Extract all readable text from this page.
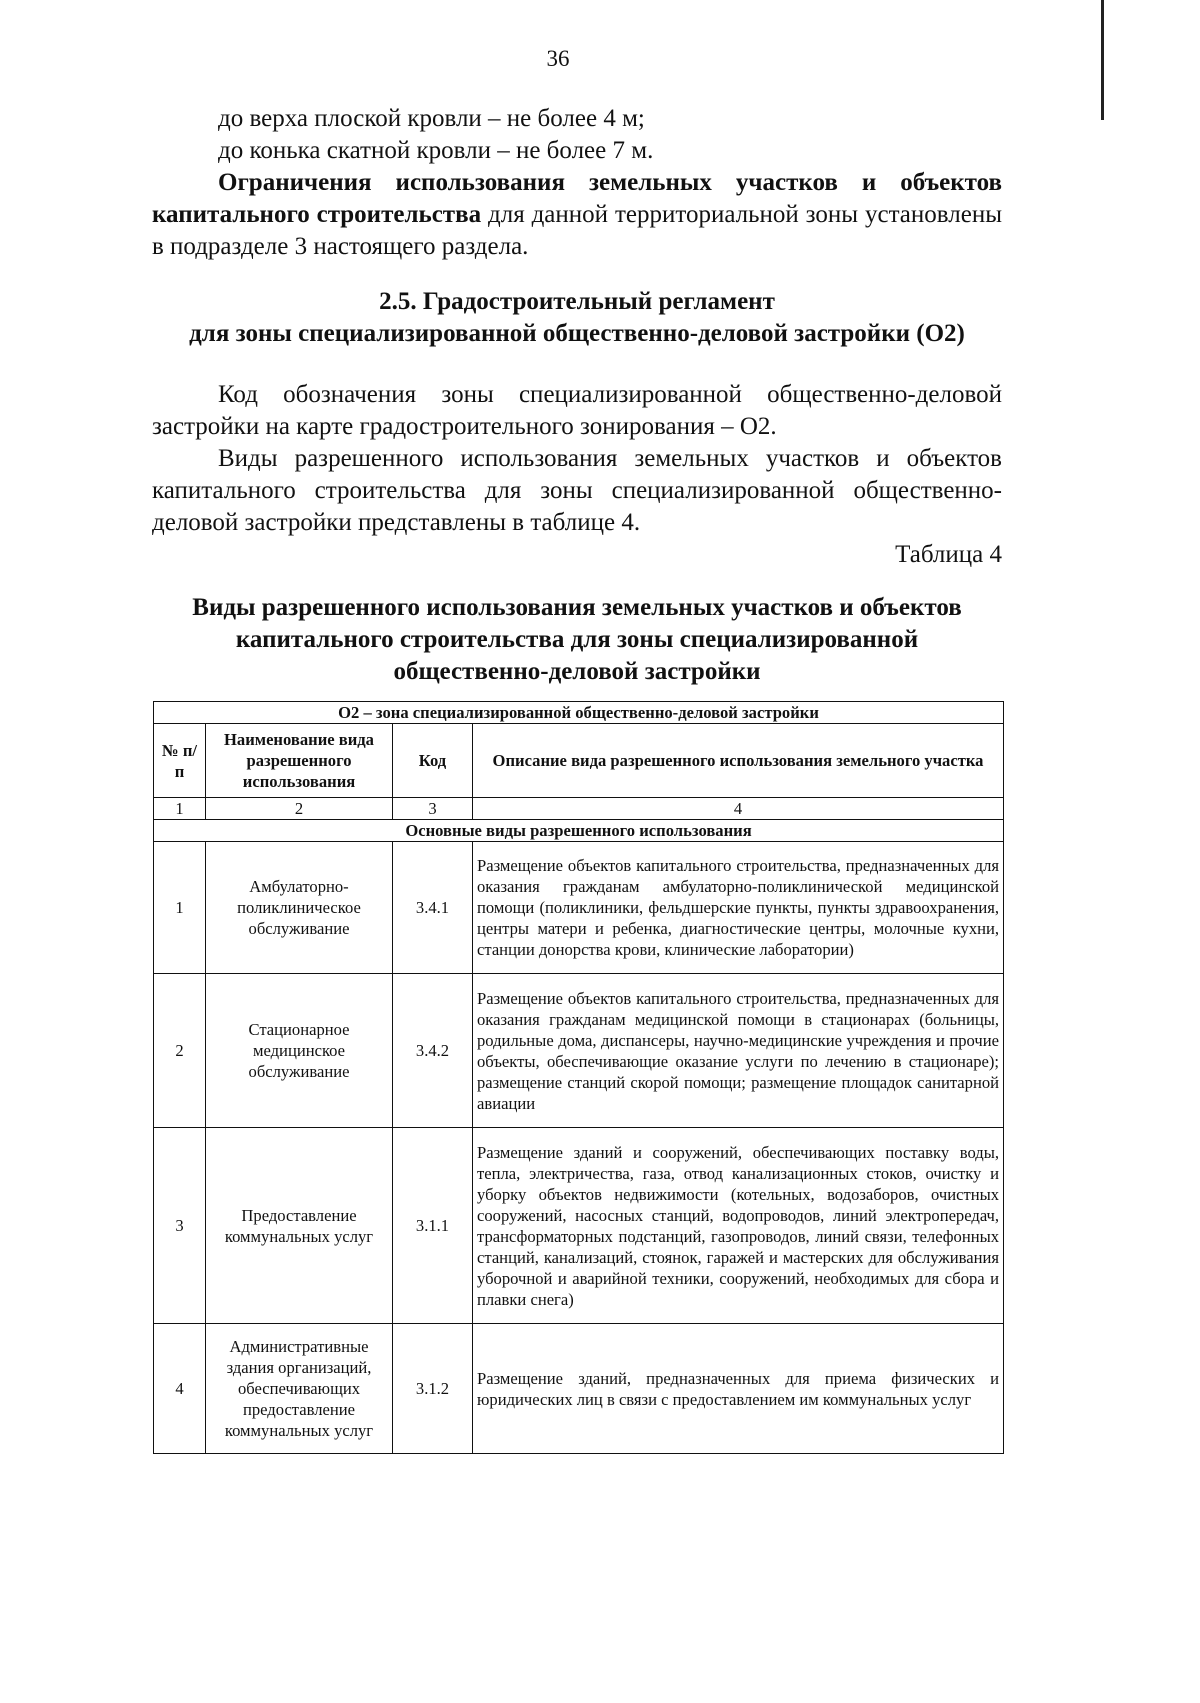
36

до верха плоской кровли – не более 4 м;

до конька скатной кровли – не более 7 м.

Ограничения использования земельных участков и объектов капитального строительства для данной территориальной зоны установлены в подразделе 3 настоящего раздела.

2.5. Градостроительный регламент

для зоны специализированной общественно-деловой застройки (О2)

Код обозначения зоны специализированной общественно-деловой застройки на карте градостроительного зонирования – О2.

Виды разрешенного использования земельных участков и объектов капитального строительства для зоны специализированной общественно-деловой застройки представлены в таблице 4.

Таблица 4

Виды разрешенного использования земельных участков и объектов

капитального строительства для зоны специализированной

общественно-деловой застройки

О2 – зона специализированной общественно-деловой застройки			
№ п/п	Наименование вида разрешенного использования	Код	Описание вида разрешенного использования земельного участка
1	2	3	4
Основные виды разрешенного использования			
1	Амбулаторно-поликлиническое обслуживание	3.4.1	Размещение объектов капитального строительства, предназначенных для оказания гражданам амбулаторно-поликлинической медицинской помощи (поликлиники, фельдшерские пункты, пункты здравоохранения, центры матери и ребенка, диагностические центры, молочные кухни, станции донорства крови, клинические лаборатории)
2	Стационарное медицинское обслуживание	3.4.2	Размещение объектов капитального строительства, предназначенных для оказания гражданам медицинской помощи в стационарах (больницы, родильные дома, диспансеры, научно-медицинские учреждения и прочие объекты, обеспечивающие оказание услуги по лечению в стационаре); размещение станций скорой помощи; размещение площадок санитарной авиации
3	Предоставление коммунальных услуг	3.1.1	Размещение зданий и сооружений, обеспечивающих поставку воды, тепла, электричества, газа, отвод канализационных стоков, очистку и уборку объектов недвижимости (котельных, водозаборов, очистных сооружений, насосных станций, водопроводов, линий электропередач, трансформаторных подстанций, газопроводов, линий связи, телефонных станций, канализаций, стоянок, гаражей и мастерских для обслуживания уборочной и аварийной техники, сооружений, необходимых для сбора и плавки снега)
4	Административные здания организаций, обеспечивающих предоставление коммунальных услуг	3.1.2	Размещение зданий, предназначенных для приема физических и юридических лиц в связи с предоставлением им коммунальных услуг
